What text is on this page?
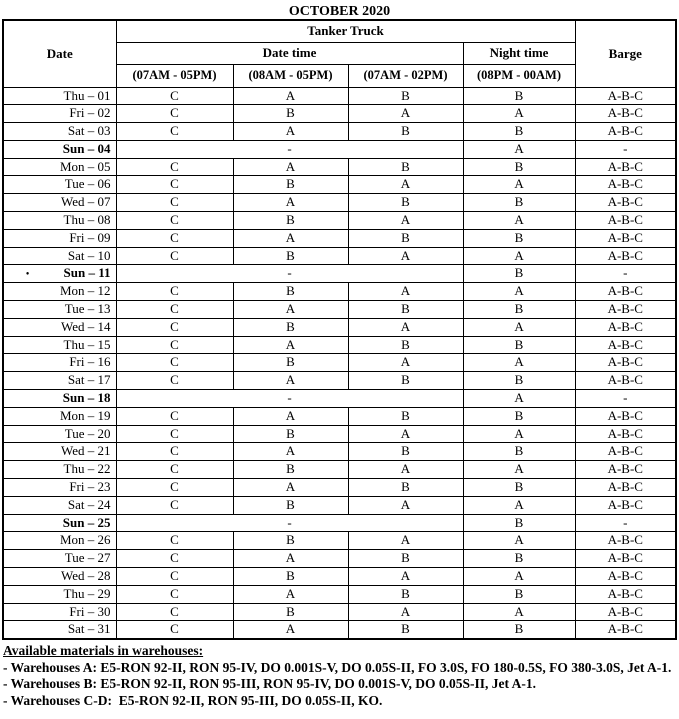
OCTOBER 2020
Date	Tanker Truck				Barge
	Date time			Night time	
	(07AM - 05PM)	(08AM - 05PM)	(07AM - 02PM)	(08PM - 00AM)	
Thu – 01	C	A	B	B	A-B-C
Fri – 02	C	B	A	A	A-B-C
Sat – 03	C	A	B	B	A-B-C
Sun – 04	-			A	-
Mon – 05	C	A	B	B	A-B-C
Tue – 06	C	B	A	A	A-B-C
Wed – 07	C	A	B	B	A-B-C
Thu – 08	C	B	A	A	A-B-C
Fri – 09	C	A	B	B	A-B-C
Sat – 10	C	B	A	A	A-B-C

• Sun – 11	-			B	-
Mon – 12	C	B	A	A	A-B-C
Tue – 13	C	A	B	B	A-B-C
Wed – 14	C	B	A	A	A-B-C
Thu – 15	C	A	B	B	A-B-C
Fri – 16	C	B	A	A	A-B-C
Sat – 17	C	A	B	B	A-B-C
Sun – 18	-			A	-
Mon – 19	C	A	B	B	A-B-C
Tue – 20	C	B	A	A	A-B-C
Wed – 21	C	A	B	B	A-B-C
Thu – 22	C	B	A	A	A-B-C
Fri – 23	C	A	B	B	A-B-C
Sat – 24	C	B	A	A	A-B-C
Sun – 25	-			B	-
Mon – 26	C	B	A	A	A-B-C
Tue – 27	C	A	B	B	A-B-C
Wed – 28	C	B	A	A	A-B-C
Thu – 29	C	A	B	B	A-B-C
Fri – 30	C	B	A	A	A-B-C
Sat – 31	C	A	B	B	A-B-C
Available materials in warehouses:
- Warehouses A: E5-RON 92-II, RON 95-IV, DO 0.001S-V, DO 0.05S-II, FO 3.0S, FO 180-0.5S, FO 380-3.0S, Jet A-1.
- Warehouses B: E5-RON 92-II, RON 95-III, RON 95-IV, DO 0.001S-V, DO 0.05S-II, Jet A-1.
- Warehouses C-D:  E5-RON 92-II, RON 95-III, DO 0.05S-II, KO.
